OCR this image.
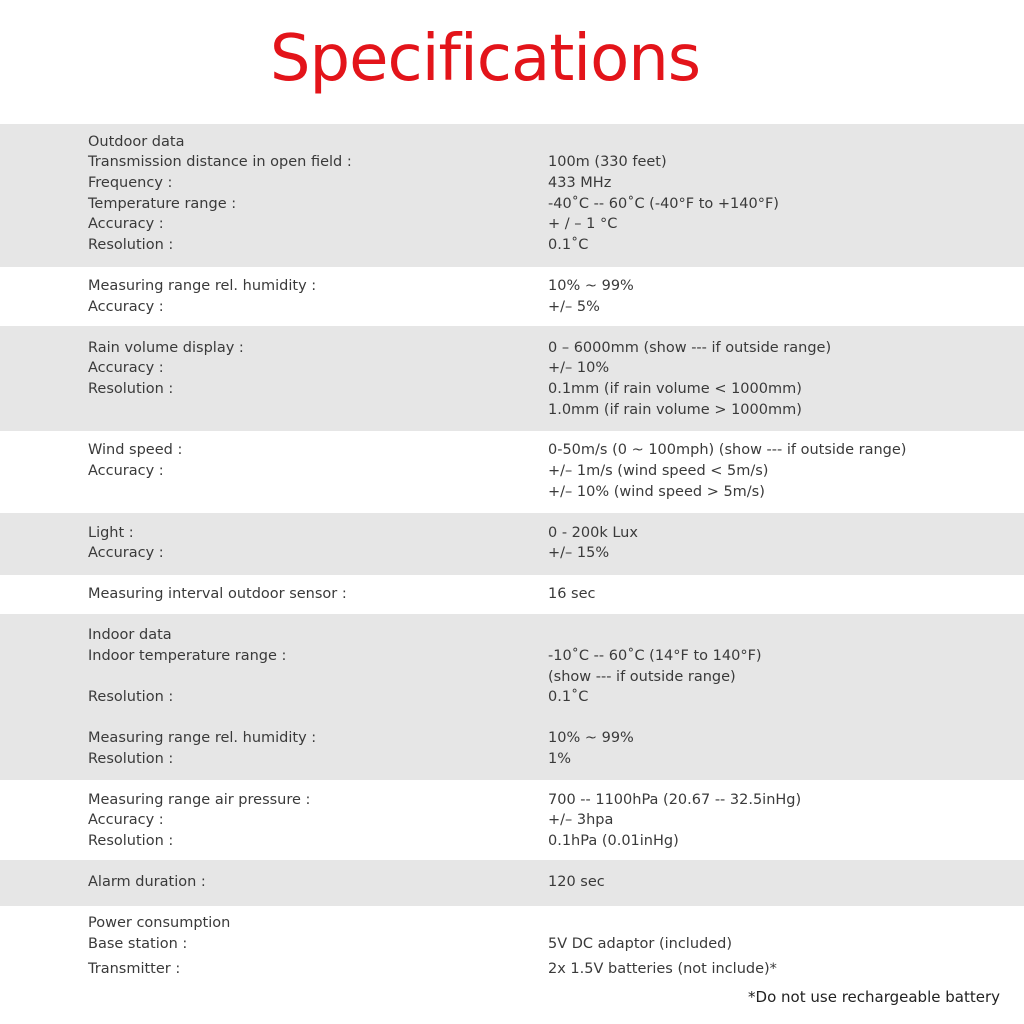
Specifications
Outdoor data
Transmission distance in open field :	100m (330 feet)
Frequency :	433 MHz
Temperature range :	-40˚C -- 60˚C (-40°F to +140°F)
Accuracy :	+ / – 1 °C
Resolution :	0.1˚C
Measuring range rel. humidity :	10% ~ 99%
Accuracy :	+/– 5%
Rain volume display :	0 – 6000mm (show --- if outside range)
Accuracy :	+/– 10%
Resolution :	0.1mm (if rain volume < 1000mm)
1.0mm (if rain volume > 1000mm)
Wind speed :	0-50m/s (0 ~ 100mph) (show --- if outside range)
Accuracy :	+/– 1m/s (wind speed < 5m/s)
+/– 10% (wind speed > 5m/s)
Light :	0 - 200k Lux
Accuracy :	+/– 15%
Measuring interval outdoor sensor :	16 sec
Indoor data
Indoor temperature range :	-10˚C -- 60˚C (14°F to 140°F)
(show --- if outside range)
Resolution :	0.1˚C
Measuring range rel. humidity :	10% ~ 99%
Resolution :	1%
Measuring range air pressure :	700 -- 1100hPa (20.67 -- 32.5inHg)
Accuracy :	+/– 3hpa
Resolution :	0.1hPa (0.01inHg)
Alarm duration :	120 sec
Power consumption
Base station :	5V DC adaptor (included)
Transmitter :	2x 1.5V batteries (not include)*
*Do not use rechargeable battery
